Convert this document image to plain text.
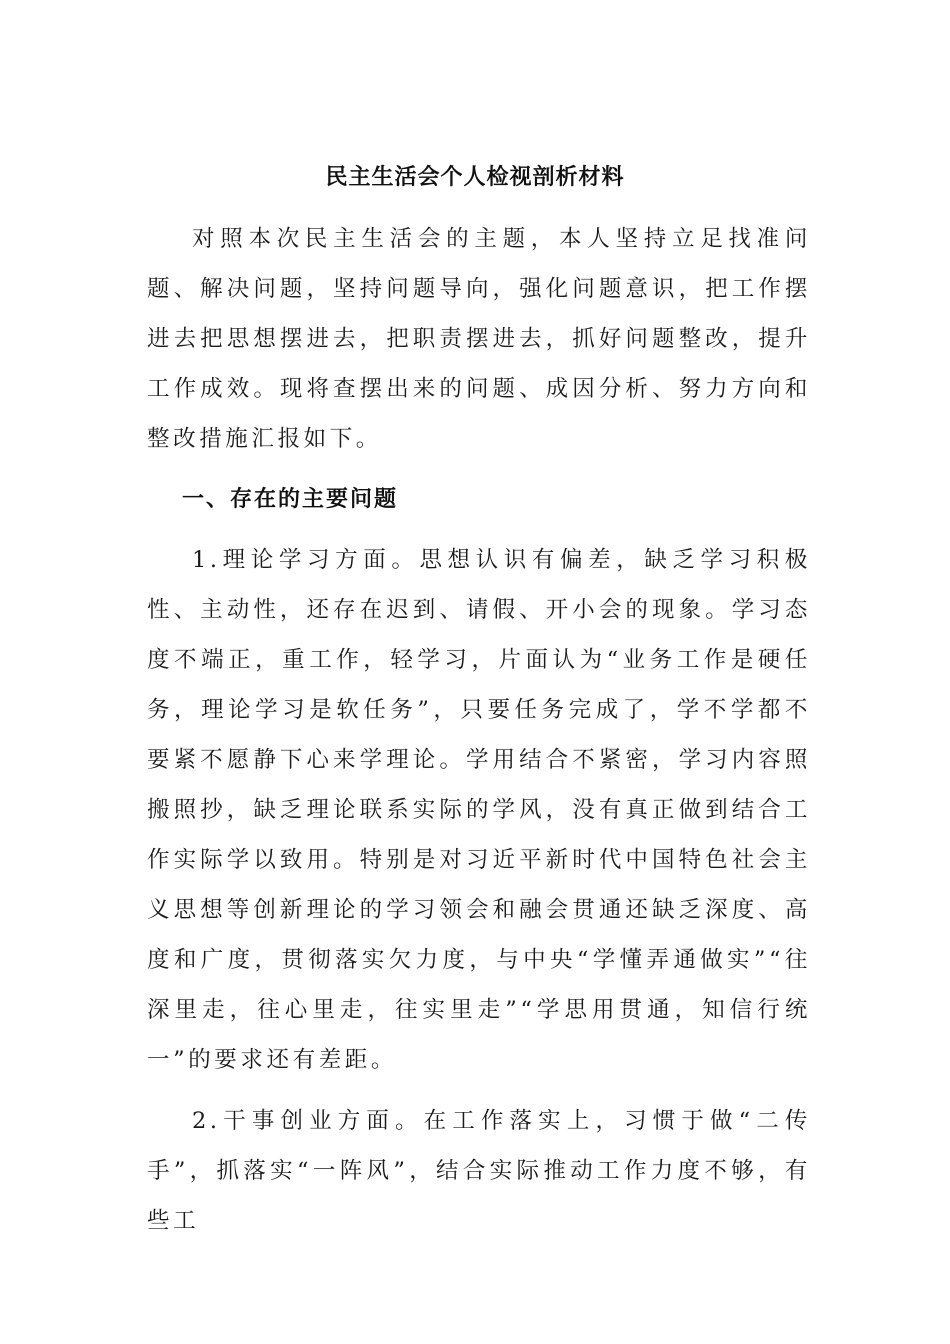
民主生活会个人检视剖析材料

对照本次民主生活会的主题，本人坚持立足找准问题、解决问题，坚持问题导向，强化问题意识，把工作摆进去把思想摆进去，把职责摆进去，抓好问题整改，提升工作成效。现将查摆出来的问题、成因分析、努力方向和整改措施汇报如下。

一、存在的主要问题

1.理论学习方面。思想认识有偏差，缺乏学习积极性、主动性，还存在迟到、请假、开小会的现象。学习态度不端正，重工作，轻学习，片面认为“业务工作是硬任务，理论学习是软任务”，只要任务完成了，学不学都不要紧不愿静下心来学理论。学用结合不紧密，学习内容照搬照抄，缺乏理论联系实际的学风，没有真正做到结合工作实际学以致用。特别是对习近平新时代中国特色社会主义思想等创新理论的学习领会和融会贯通还缺乏深度、高度和广度，贯彻落实欠力度，与中央“学懂弄通做实”“往深里走，往心里走，往实里走”“学思用贯通，知信行统一”的要求还有差距。

2.干事创业方面。在工作落实上，习惯于做“二传手”，抓落实“一阵风”，结合实际推动工作力度不够，有些工
